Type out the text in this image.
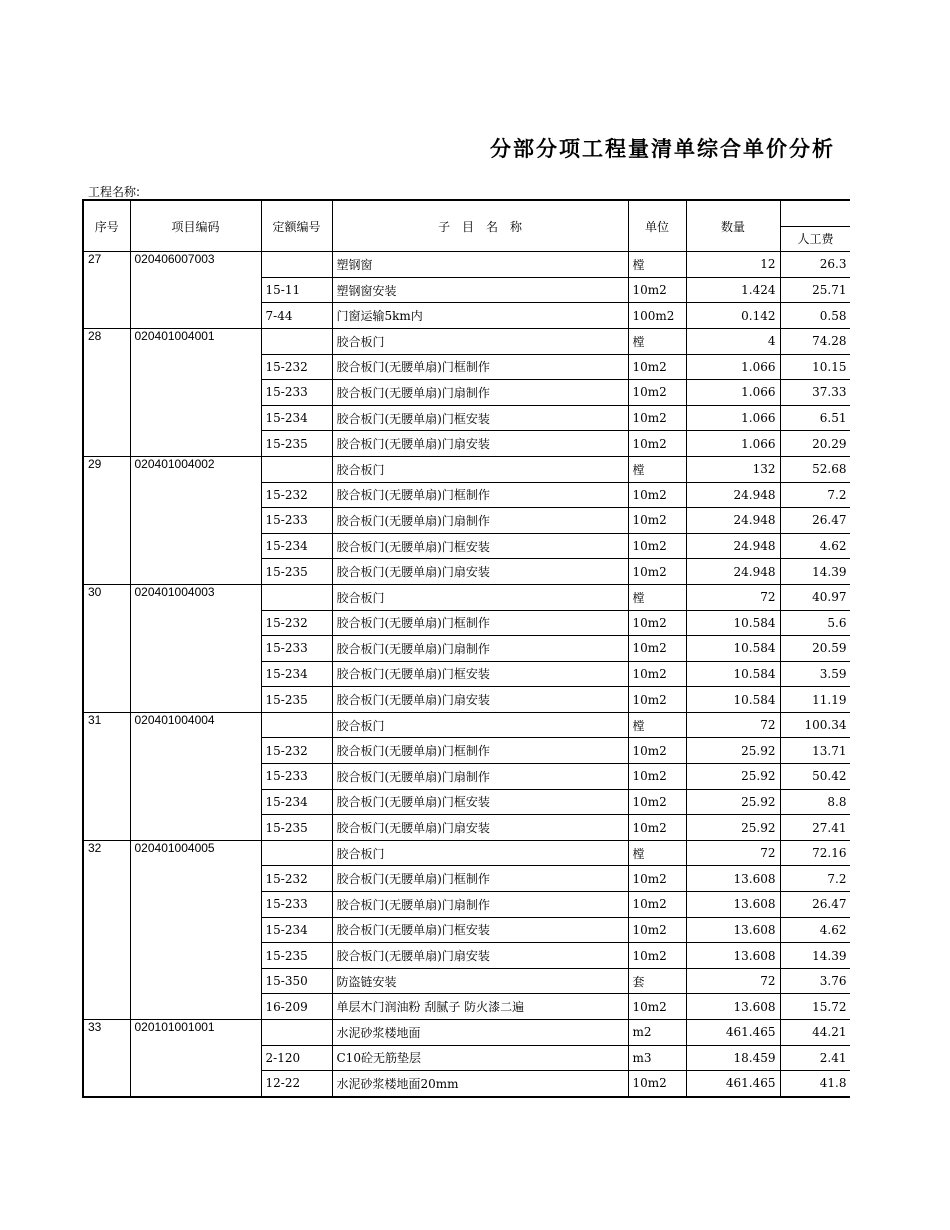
分部分项工程量清单综合单价分析
工程名称:
序号	项目编码	定额编号	子　目　名　称	单位	数量		
						人工费	
27	020406007003		塑钢窗	樘	12	26.3	
		15-11	塑钢窗安装	10m2	1.424	25.71	
		7-44	门窗运输5km内	100m2	0.142	0.58	
28	020401004001		胶合板门	樘	4	74.28	
		15-232	胶合板门(无腰单扇)门框制作	10m2	1.066	10.15	
		15-233	胶合板门(无腰单扇)门扇制作	10m2	1.066	37.33	
		15-234	胶合板门(无腰单扇)门框安装	10m2	1.066	6.51	
		15-235	胶合板门(无腰单扇)门扇安装	10m2	1.066	20.29	
29	020401004002		胶合板门	樘	132	52.68	
		15-232	胶合板门(无腰单扇)门框制作	10m2	24.948	7.2	
		15-233	胶合板门(无腰单扇)门扇制作	10m2	24.948	26.47	
		15-234	胶合板门(无腰单扇)门框安装	10m2	24.948	4.62	
		15-235	胶合板门(无腰单扇)门扇安装	10m2	24.948	14.39	
30	020401004003		胶合板门	樘	72	40.97	
		15-232	胶合板门(无腰单扇)门框制作	10m2	10.584	5.6	
		15-233	胶合板门(无腰单扇)门扇制作	10m2	10.584	20.59	
		15-234	胶合板门(无腰单扇)门框安装	10m2	10.584	3.59	
		15-235	胶合板门(无腰单扇)门扇安装	10m2	10.584	11.19	
31	020401004004		胶合板门	樘	72	100.34	
		15-232	胶合板门(无腰单扇)门框制作	10m2	25.92	13.71	
		15-233	胶合板门(无腰单扇)门扇制作	10m2	25.92	50.42	
		15-234	胶合板门(无腰单扇)门框安装	10m2	25.92	8.8	
		15-235	胶合板门(无腰单扇)门扇安装	10m2	25.92	27.41	
32	020401004005		胶合板门	樘	72	72.16	
		15-232	胶合板门(无腰单扇)门框制作	10m2	13.608	7.2	
		15-233	胶合板门(无腰单扇)门扇制作	10m2	13.608	26.47	
		15-234	胶合板门(无腰单扇)门框安装	10m2	13.608	4.62	
		15-235	胶合板门(无腰单扇)门扇安装	10m2	13.608	14.39	
		15-350	防盗链安装	套	72	3.76	
		16-209	单层木门润油粉 刮腻子 防火漆二遍	10m2	13.608	15.72	
33	020101001001		水泥砂浆楼地面	m2	461.465	44.21	
		2-120	C10砼无筋垫层	m3	18.459	2.41	
		12-22	水泥砂浆楼地面20mm	10m2	461.465	41.8	
